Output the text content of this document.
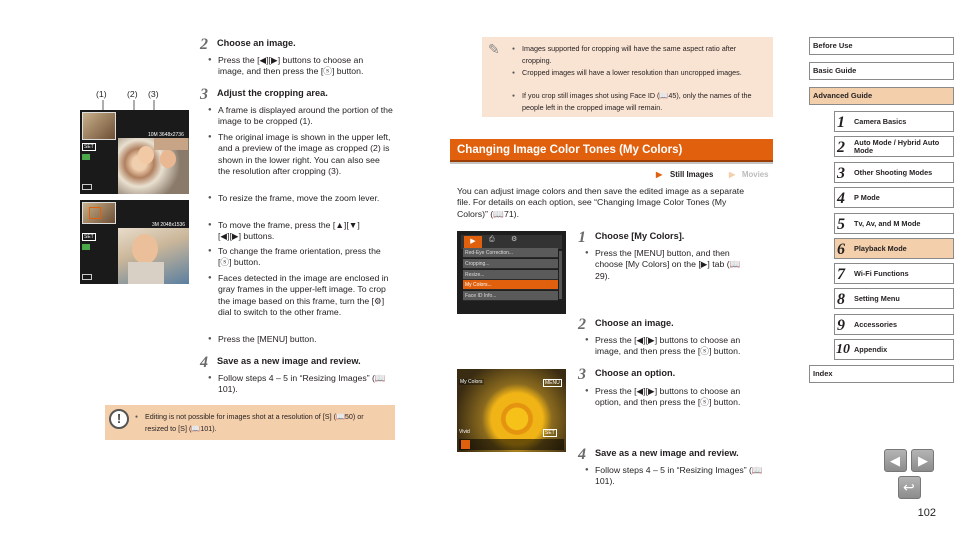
(1) (2) (3)
10M 3648x2736
SET
3M 2048x1536
SET
2 Choose an image.
● Press the [◀][▶] buttons to choose an image, and then press the [ⓢ] button.
3 Adjust the cropping area.
● A frame is displayed around the portion of the image to be cropped (1).
● The original image is shown in the upper left, and a preview of the image as cropped (2) is shown in the lower right. You can also see the resolution after cropping (3).
● To resize the frame, move the zoom lever.
● To move the frame, press the [▲][▼][◀][▶] buttons.
● To change the frame orientation, press the [ⓢ] button.
● Faces detected in the image are enclosed in gray frames in the upper-left image. To crop the image based on this frame, turn the [⚙] dial to switch to the other frame.
● Press the [MENU] button.
4 Save as a new image and review.
● Follow steps 4 – 5 in “Resizing Images” (📖101).
!	● Editing is not possible for images shot at a resolution of [S] (📖50) or resized to [S] (📖101).
✎	● Images supported for cropping will have the same aspect ratio after cropping.
● Cropped images will have a lower resolution than uncropped images.
● If you crop still images shot using Face ID (📖45), only the names of the people left in the cropped image will remain.
Changing Image Color Tones (My Colors)
▶ Still Images ▶ Movies
You can adjust image colors and then save the edited image as a separate file. For details on each option, see “Changing Image Color Tones (My Colors)” (📖71).
▶	⎙ ⚙
Red-Eye Correction...
Cropping...
Resize...
My Colors...
Face ID Info...
My Colors	MENU
Vivid	SET
1 Choose [My Colors].
● Press the [MENU] button, and then choose [My Colors] on the [▶] tab (📖29).
2 Choose an image.
● Press the [◀][▶] buttons to choose an image, and then press the [ⓢ] button.
3 Choose an option.
● Press the [◀][▶] buttons to choose an option, and then press the [ⓢ] button.
4 Save as a new image and review.
● Follow steps 4 – 5 in “Resizing Images” (📖101).
Before Use
Basic Guide
Advanced Guide
1 Camera Basics
2 Auto Mode / Hybrid Auto Mode
3 Other Shooting Modes
4 P Mode
5 Tv, Av, and M Mode
6 Playback Mode
7 Wi-Fi Functions
8 Setting Menu
9 Accessories
10 Appendix
Index
◀ ▶
↩
102
